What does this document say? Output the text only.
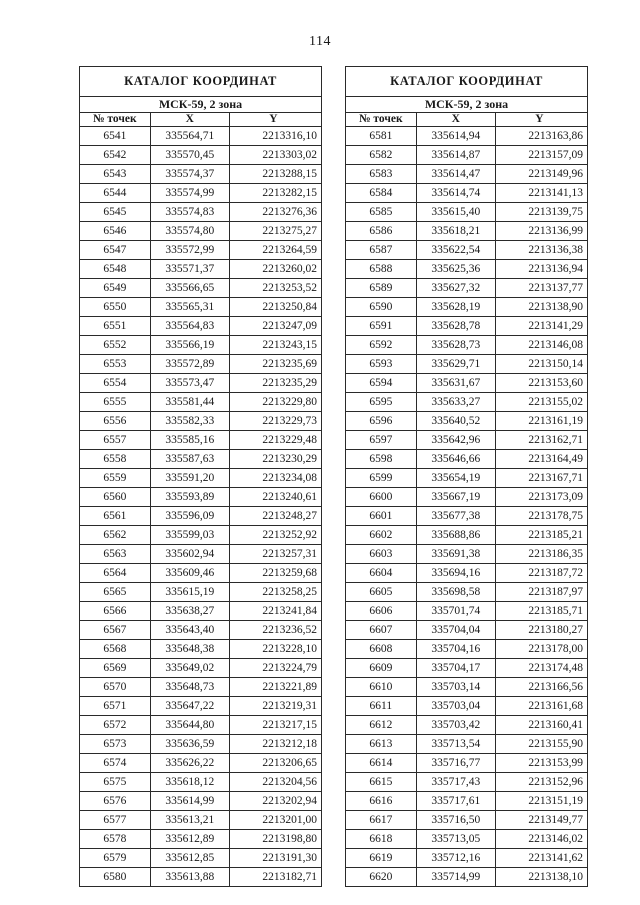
114
КАТАЛОГ КООРДИНАТ		
МСК-59, 2 зона		
№ точек	X	Y
6541	335564,71	2213316,10
6542	335570,45	2213303,02
6543	335574,37	2213288,15
6544	335574,99	2213282,15
6545	335574,83	2213276,36
6546	335574,80	2213275,27
6547	335572,99	2213264,59
6548	335571,37	2213260,02
6549	335566,65	2213253,52
6550	335565,31	2213250,84
6551	335564,83	2213247,09
6552	335566,19	2213243,15
6553	335572,89	2213235,69
6554	335573,47	2213235,29
6555	335581,44	2213229,80
6556	335582,33	2213229,73
6557	335585,16	2213229,48
6558	335587,63	2213230,29
6559	335591,20	2213234,08
6560	335593,89	2213240,61
6561	335596,09	2213248,27
6562	335599,03	2213252,92
6563	335602,94	2213257,31
6564	335609,46	2213259,68
6565	335615,19	2213258,25
6566	335638,27	2213241,84
6567	335643,40	2213236,52
6568	335648,38	2213228,10
6569	335649,02	2213224,79
6570	335648,73	2213221,89
6571	335647,22	2213219,31
6572	335644,80	2213217,15
6573	335636,59	2213212,18
6574	335626,22	2213206,65
6575	335618,12	2213204,56
6576	335614,99	2213202,94
6577	335613,21	2213201,00
6578	335612,89	2213198,80
6579	335612,85	2213191,30
6580	335613,88	2213182,71
КАТАЛОГ КООРДИНАТ		
МСК-59, 2 зона		
№ точек	X	Y
6581	335614,94	2213163,86
6582	335614,87	2213157,09
6583	335614,47	2213149,96
6584	335614,74	2213141,13
6585	335615,40	2213139,75
6586	335618,21	2213136,99
6587	335622,54	2213136,38
6588	335625,36	2213136,94
6589	335627,32	2213137,77
6590	335628,19	2213138,90
6591	335628,78	2213141,29
6592	335628,73	2213146,08
6593	335629,71	2213150,14
6594	335631,67	2213153,60
6595	335633,27	2213155,02
6596	335640,52	2213161,19
6597	335642,96	2213162,71
6598	335646,66	2213164,49
6599	335654,19	2213167,71
6600	335667,19	2213173,09
6601	335677,38	2213178,75
6602	335688,86	2213185,21
6603	335691,38	2213186,35
6604	335694,16	2213187,72
6605	335698,58	2213187,97
6606	335701,74	2213185,71
6607	335704,04	2213180,27
6608	335704,16	2213178,00
6609	335704,17	2213174,48
6610	335703,14	2213166,56
6611	335703,04	2213161,68
6612	335703,42	2213160,41
6613	335713,54	2213155,90
6614	335716,77	2213153,99
6615	335717,43	2213152,96
6616	335717,61	2213151,19
6617	335716,50	2213149,77
6618	335713,05	2213146,02
6619	335712,16	2213141,62
6620	335714,99	2213138,10
